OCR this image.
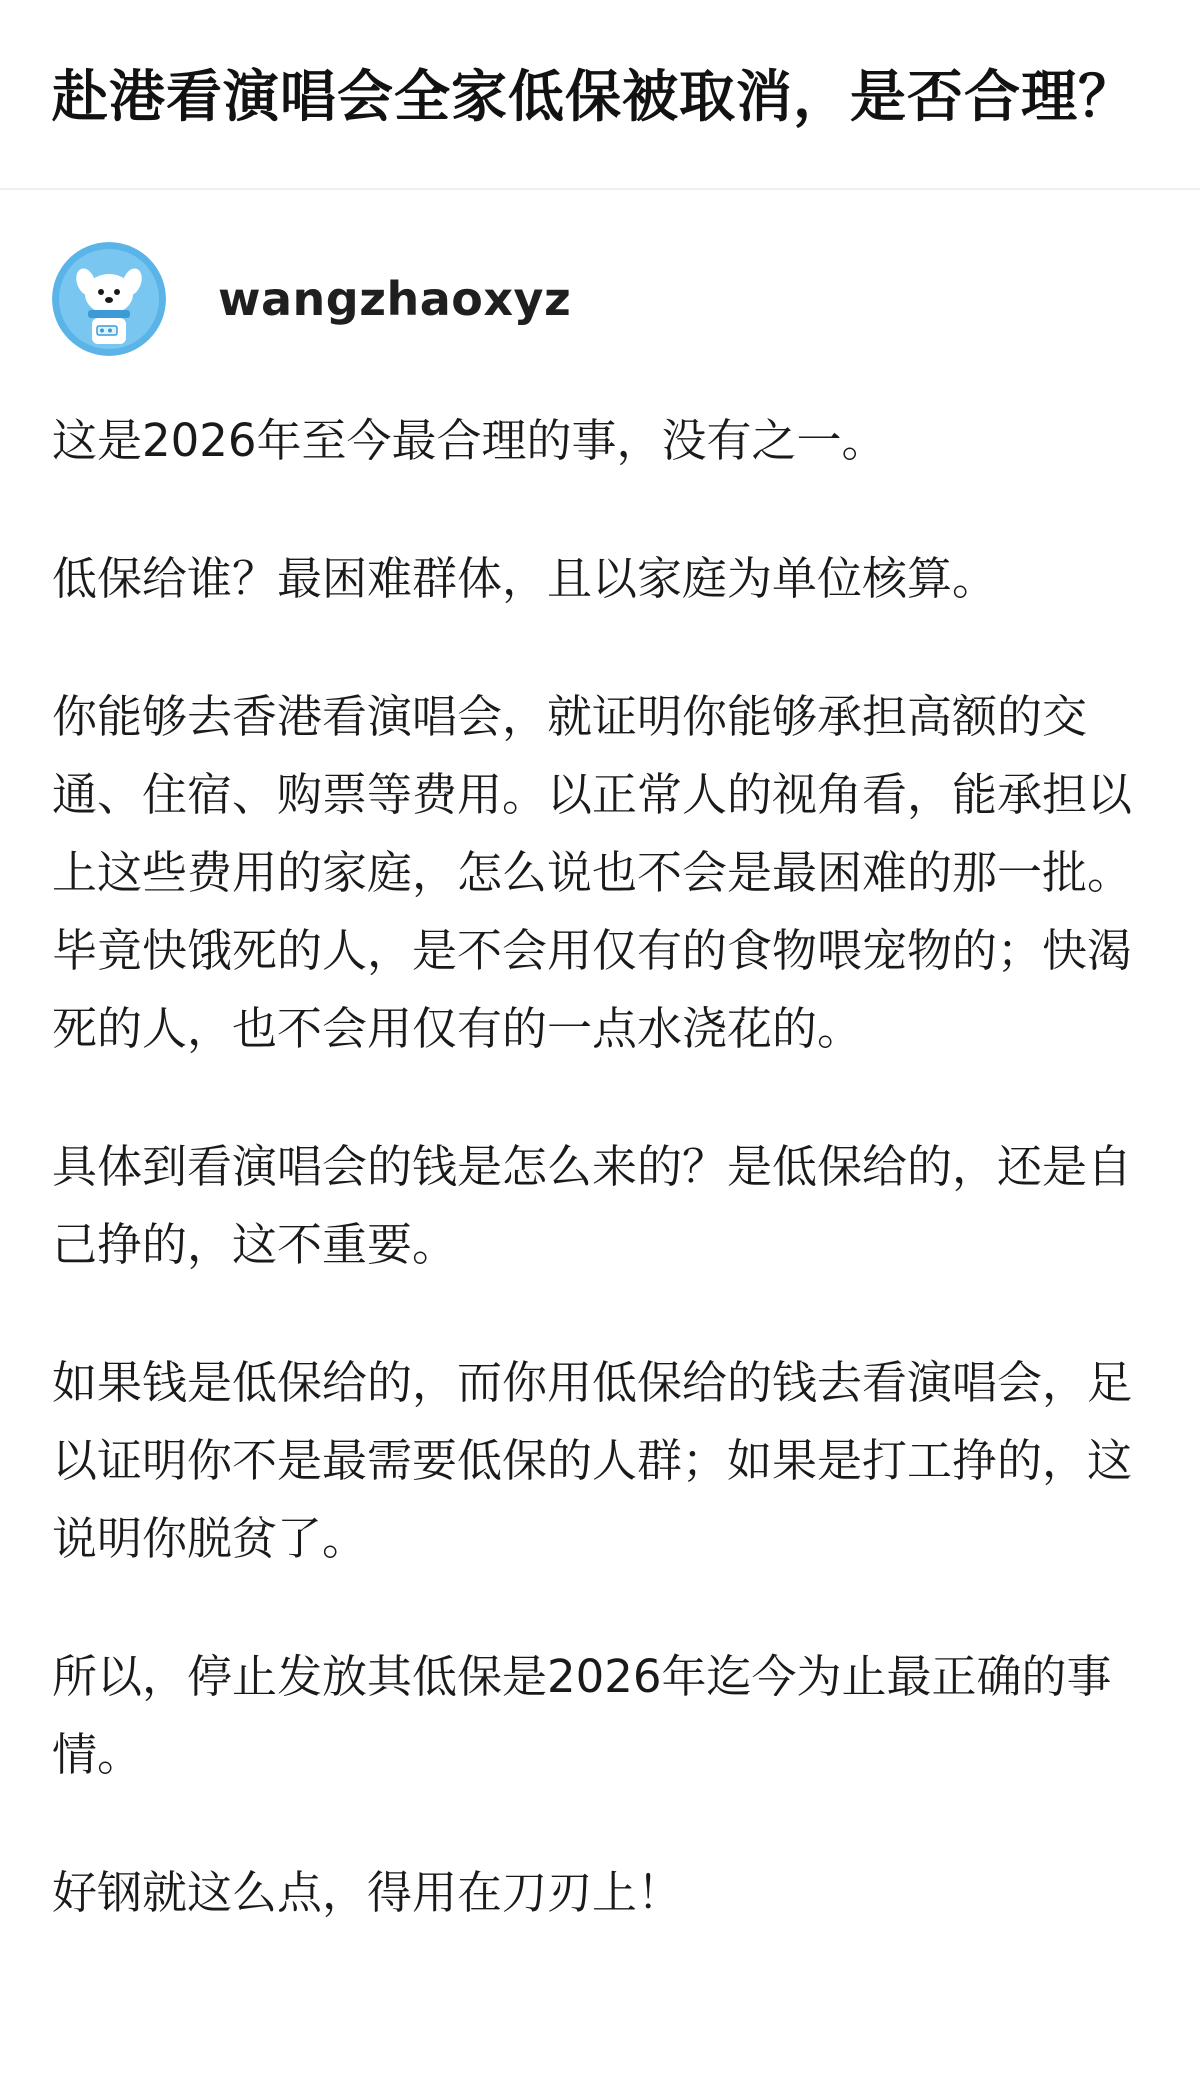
赴港看演唱会全家低保被取消，是否合理？
wangzhaoxyz

这是2026年至今最合理的事，没有之一。

低保给谁？最困难群体，且以家庭为单位核算。

你能够去香港看演唱会，就证明你能够承担高额的交通、住宿、购票等费用。以正常人的视角看，能承担以上这些费用的家庭，怎么说也不会是最困难的那一批。毕竟快饿死的人，是不会用仅有的食物喂宠物的；快渴死的人，也不会用仅有的一点水浇花的。

具体到看演唱会的钱是怎么来的？是低保给的，还是自己挣的，这不重要。

如果钱是低保给的，而你用低保给的钱去看演唱会，足以证明你不是最需要低保的人群；如果是打工挣的，这说明你脱贫了。

所以，停止发放其低保是2026年迄今为止最正确的事情。

好钢就这么点，得用在刀刃上！
